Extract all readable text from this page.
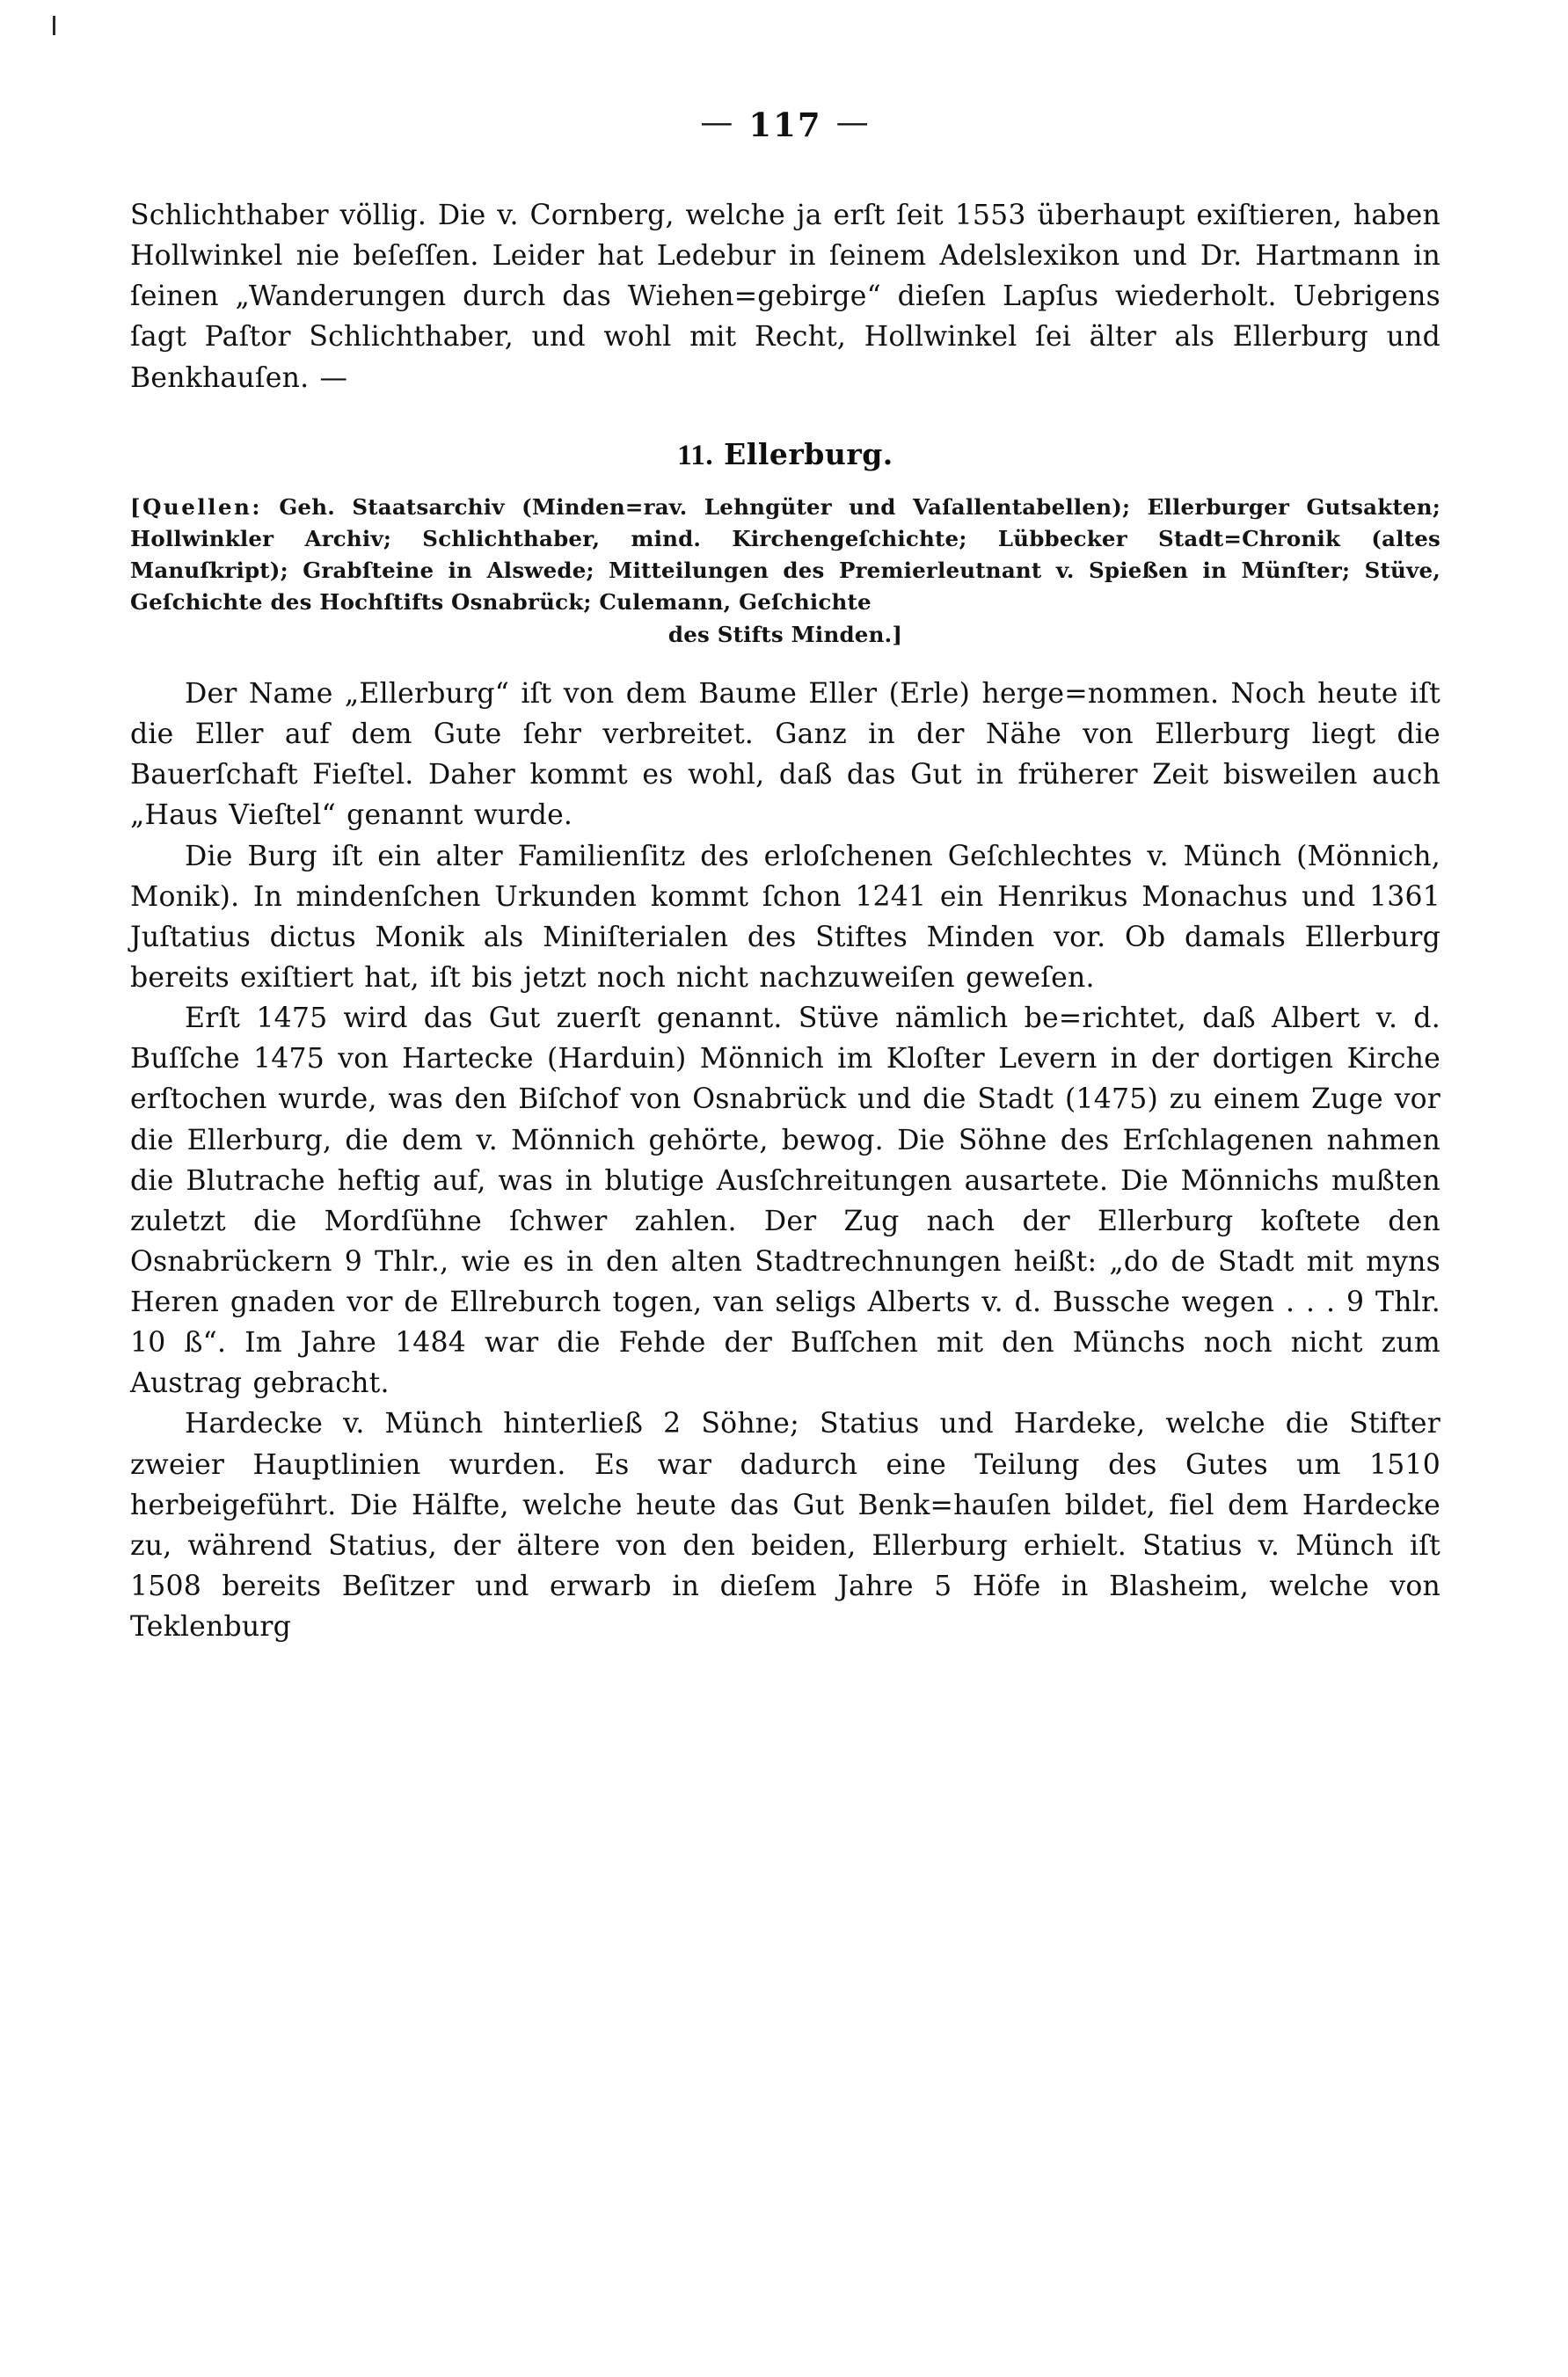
— 117 —

Schlichthaber völlig. Die v. Cornberg, welche ja erſt ſeit 1553 überhaupt exiſtieren, haben Hollwinkel nie beſeſſen. Leider hat Ledebur in ſeinem Adelslexikon und Dr. Hartmann in ſeinen „Wanderungen durch das Wiehen=gebirge“ dieſen Lapſus wiederholt. Uebrigens ſagt Paſtor Schlichthaber, und wohl mit Recht, Hollwinkel ſei älter als Ellerburg und Benkhauſen. —

11. Ellerburg.
[Quellen: Geh. Staatsarchiv (Minden=rav. Lehngüter und Vaſallentabellen); Ellerburger Gutsakten; Hollwinkler Archiv; Schlichthaber, mind. Kirchengeſchichte; Lübbecker Stadt=Chronik (altes Manuſkript); Grabſteine in Alswede; Mitteilungen des Premierleutnant v. Spießen in Münſter; Stüve, Geſchichte des Hochſtifts Osnabrück; Culemann, Geſchichte
des Stifts Minden.]

Der Name „Ellerburg“ iſt von dem Baume Eller (Erle) herge=nommen. Noch heute iſt die Eller auf dem Gute ſehr verbreitet. Ganz in der Nähe von Ellerburg liegt die Bauerſchaft Fieſtel. Daher kommt es wohl, daß das Gut in früherer Zeit bisweilen auch „Haus Vieſtel“ genannt wurde.

Die Burg iſt ein alter Familienſitz des erloſchenen Geſchlechtes v. Münch (Mönnich, Monik). In mindenſchen Urkunden kommt ſchon 1241 ein Henrikus Monachus und 1361 Juſtatius dictus Monik als Miniſterialen des Stiftes Minden vor. Ob damals Ellerburg bereits exiſtiert hat, iſt bis jetzt noch nicht nachzuweiſen geweſen.

Erſt 1475 wird das Gut zuerſt genannt. Stüve nämlich be=richtet, daß Albert v. d. Buſſche 1475 von Hartecke (Harduin) Mönnich im Kloſter Levern in der dortigen Kirche erſtochen wurde, was den Biſchof von Osnabrück und die Stadt (1475) zu einem Zuge vor die Ellerburg, die dem v. Mönnich gehörte, bewog. Die Söhne des Erſchlagenen nahmen die Blutrache heftig auf, was in blutige Ausſchreitungen ausartete. Die Mönnichs mußten zuletzt die Mordſühne ſchwer zahlen. Der Zug nach der Ellerburg koſtete den Osnabrückern 9 Thlr., wie es in den alten Stadtrechnungen heißt: „do de Stadt mit myns Heren gnaden vor de Ellreburch togen, van seligs Alberts v. d. Bussche wegen . . . 9 Thlr. 10 ß“. Im Jahre 1484 war die Fehde der Buſſchen mit den Münchs noch nicht zum Austrag gebracht.

Hardecke v. Münch hinterließ 2 Söhne; Statius und Hardeke, welche die Stifter zweier Hauptlinien wurden. Es war dadurch eine Teilung des Gutes um 1510 herbeigeführt. Die Hälfte, welche heute das Gut Benk=hauſen bildet, fiel dem Hardecke zu, während Statius, der ältere von den beiden, Ellerburg erhielt. Statius v. Münch iſt 1508 bereits Beſitzer und erwarb in dieſem Jahre 5 Höfe in Blasheim, welche von Teklenburg
